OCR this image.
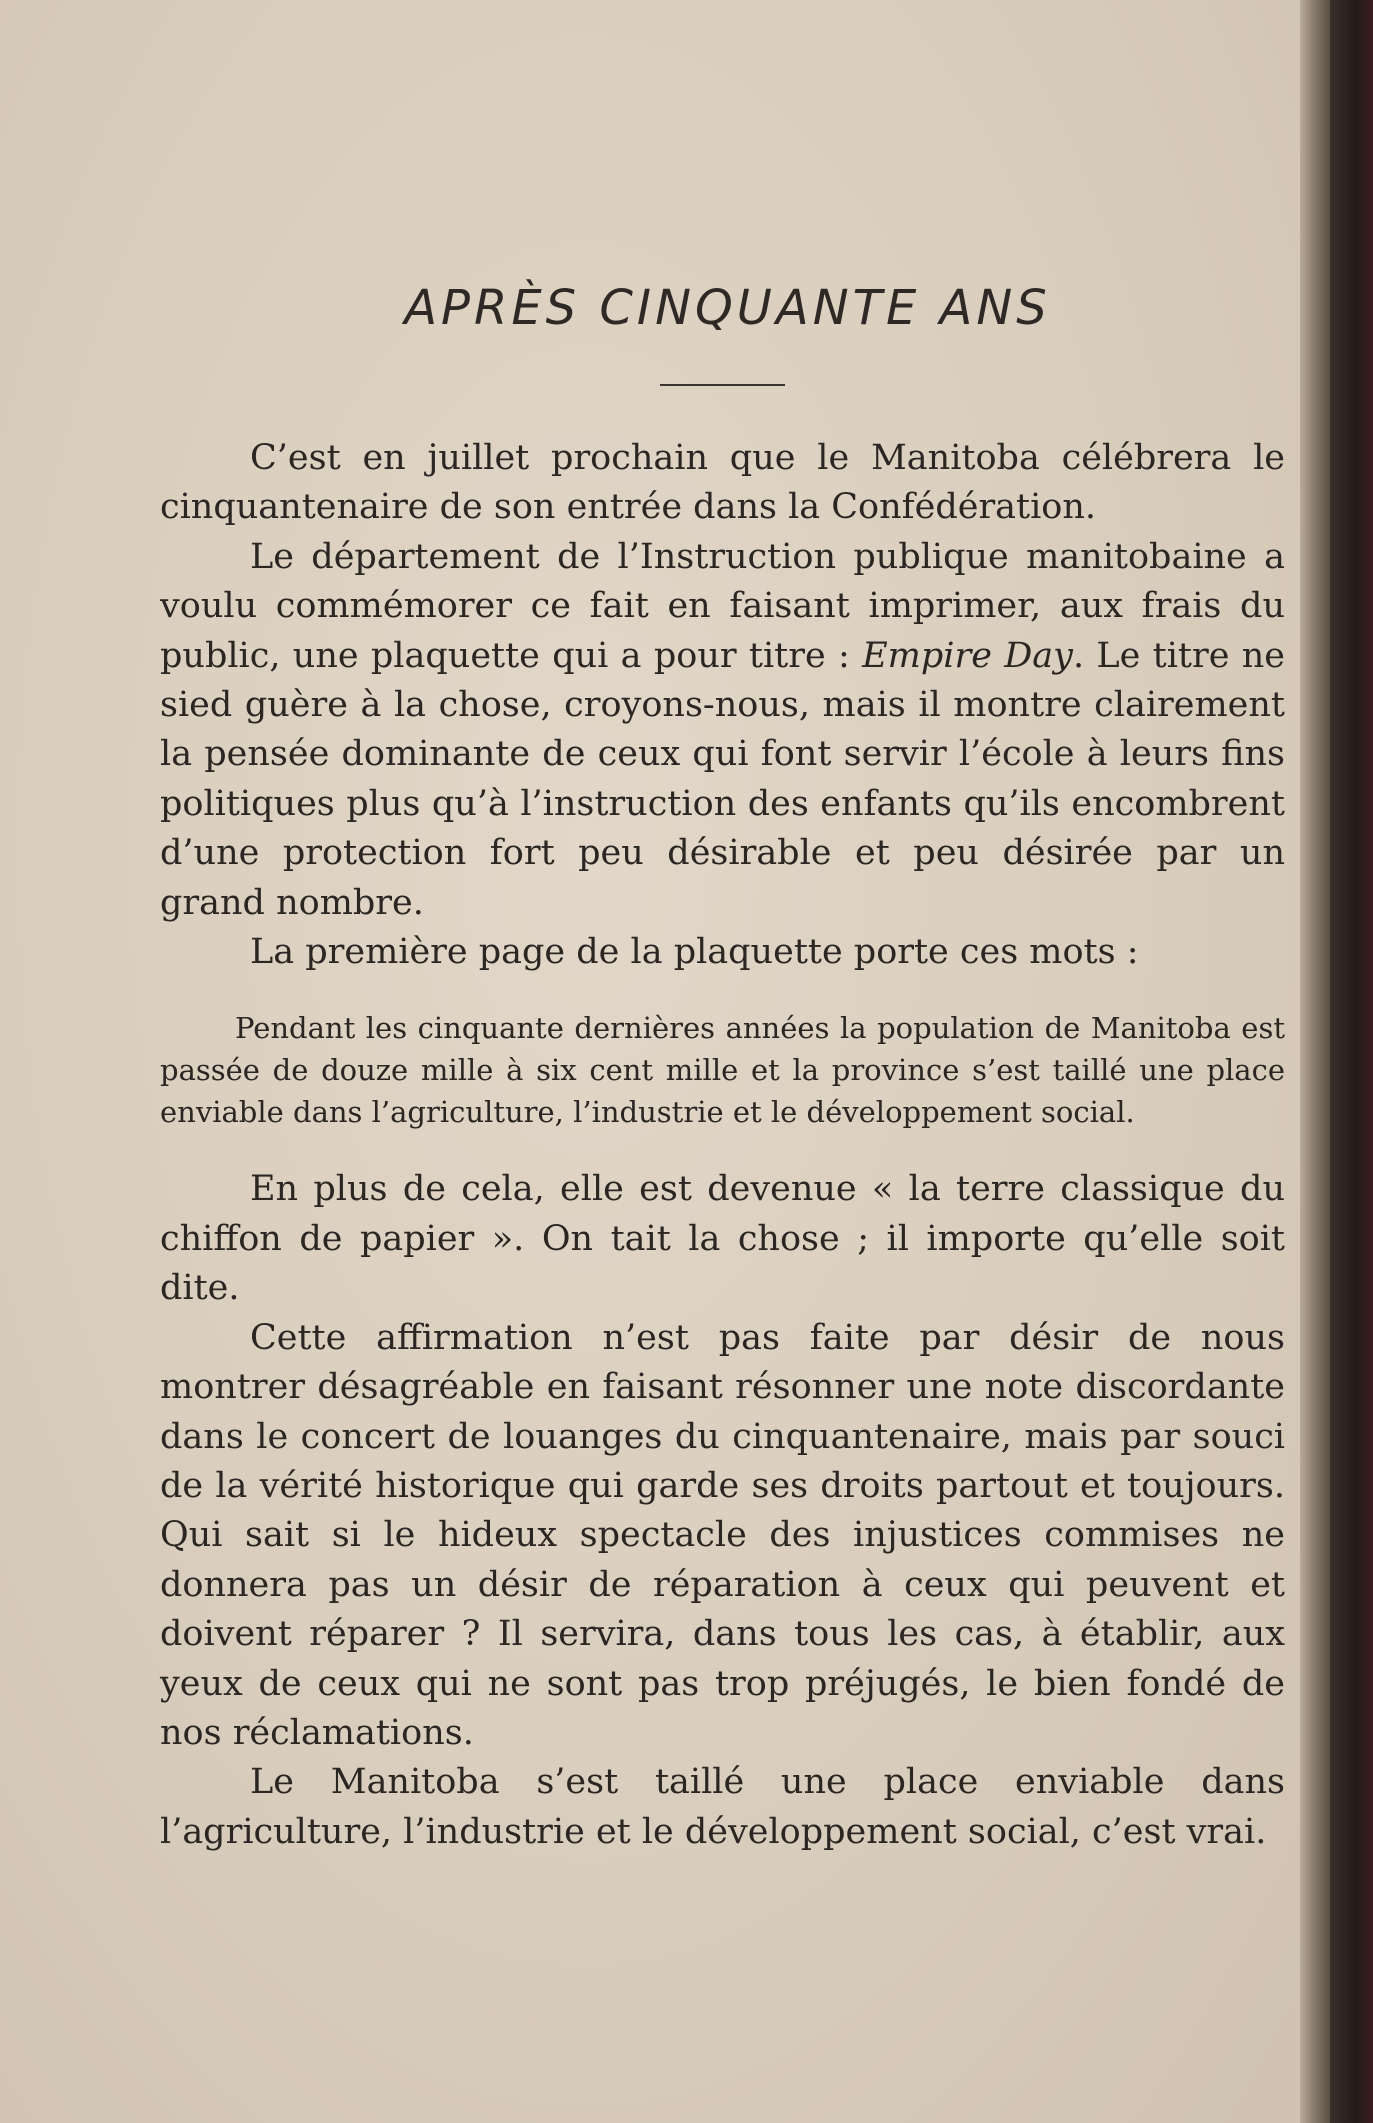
APRÈS CINQUANTE ANS

C’est en juillet prochain que le Manitoba célébrera le cinquantenaire de son entrée dans la Confédération.

Le département de l’Instruction publique manitobaine a voulu commémorer ce fait en faisant imprimer, aux frais du public, une plaquette qui a pour titre : Empire Day. Le titre ne sied guère à la chose, croyons-nous, mais il montre clairement la pensée dominante de ceux qui font servir l’école à leurs fins politiques plus qu’à l’instruction des enfants qu’ils encombrent d’une protection fort peu désirable et peu désirée par un grand nombre.

La première page de la plaquette porte ces mots :

Pendant les cinquante dernières années la population de Manitoba est passée de douze mille à six cent mille et la province s’est taillé une place enviable dans l’agriculture, l’industrie et le développement social.

En plus de cela, elle est devenue « la terre classique du chiffon de papier ». On tait la chose ; il importe qu’elle soit dite.

Cette affirmation n’est pas faite par désir de nous montrer désagréable en faisant résonner une note discordante dans le concert de louanges du cinquantenaire, mais par souci de la vérité historique qui garde ses droits partout et toujours. Qui sait si le hideux spectacle des injustices commises ne donnera pas un désir de réparation à ceux qui peuvent et doivent réparer ? Il servira, dans tous les cas, à établir, aux yeux de ceux qui ne sont pas trop préjugés, le bien fondé de nos réclamations.

Le Manitoba s’est taillé une place enviable dans l’agriculture, l’industrie et le développement social, c’est vrai.
